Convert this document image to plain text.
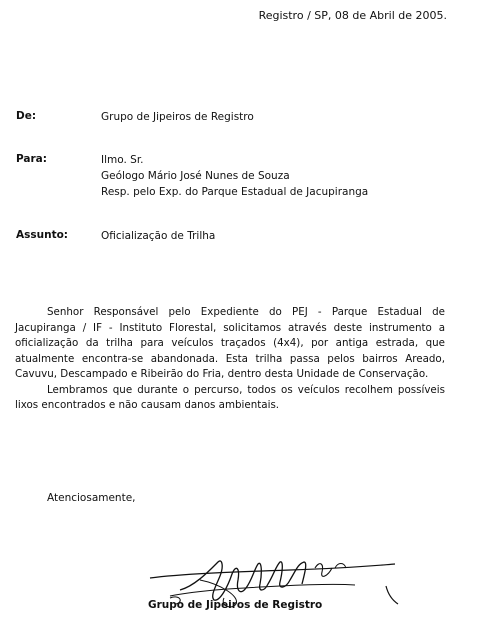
Registro / SP, 08 de Abril de 2005.
De:	Grupo de Jipeiros de Registro
Para:	Ilmo. Sr.
Geólogo Mário José Nunes de Souza
Resp. pelo Exp. do Parque Estadual de Jacupiranga
Assunto:	Oficialização de Trilha

Senhor Responsável pelo Expediente do PEJ - Parque Estadual de Jacupiranga / IF - Instituto Florestal, solicitamos através deste instrumento a oficialização da trilha para veículos traçados (4x4), por antiga estrada, que atualmente encontra-se abandonada. Esta trilha passa pelos bairros Areado, Cavuvu, Descampado e Ribeirão do Fria, dentro desta Unidade de Conservação.

Lembramos que durante o percurso, todos os veículos recolhem possíveis lixos encontrados e não causam danos ambientais.

Atenciosamente,
Grupo de Jipeiros de Registro
